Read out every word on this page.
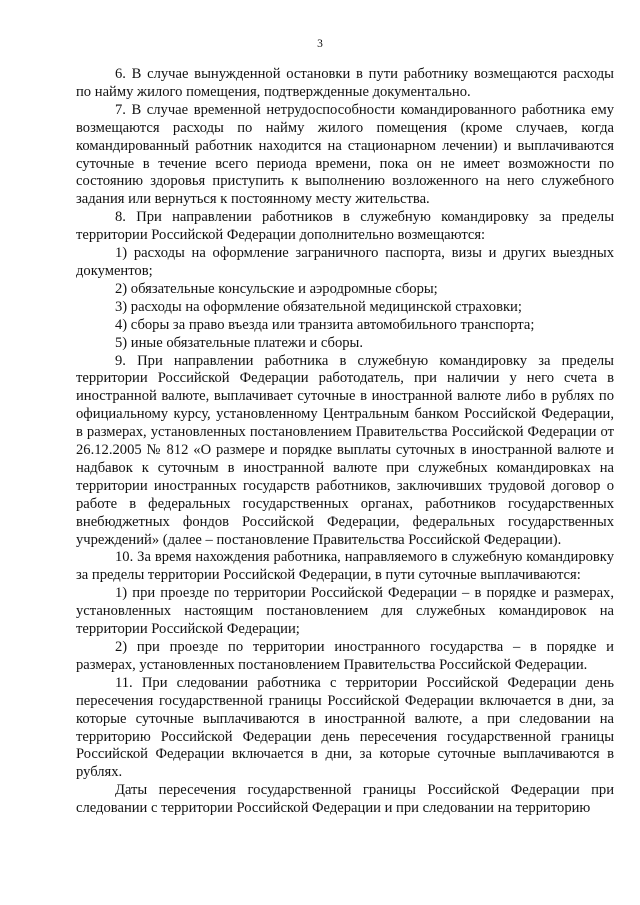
3

6. В случае вынужденной остановки в пути работнику возмещаются расходы по найму жилого помещения, подтвержденные документально.

7. В случае временной нетрудоспособности командированного работника ему возмещаются расходы по найму жилого помещения (кроме случаев, когда командированный работник находится на стационарном лечении) и выплачиваются суточные в течение всего периода времени, пока он не имеет возможности по состоянию здоровья приступить к выполнению возложенного на него служебного задания или вернуться к постоянному месту жительства.

8. При направлении работников в служебную командировку за пределы территории Российской Федерации дополнительно возмещаются:

1) расходы на оформление заграничного паспорта, визы и других выездных документов;

2) обязательные консульские и аэродромные сборы;

3) расходы на оформление обязательной медицинской страховки;

4) сборы за право въезда или транзита автомобильного транспорта;

5) иные обязательные платежи и сборы.

9. При направлении работника в служебную командировку за пределы территории Российской Федерации работодатель, при наличии у него счета в иностранной валюте, выплачивает суточные в иностранной валюте либо в рублях по официальному курсу, установленному Центральным банком Российской Федерации, в размерах, установленных постановлением Правительства Российской Федерации от 26.12.2005 № 812 «О размере и порядке выплаты суточных в иностранной валюте и надбавок к суточным в иностранной валюте при служебных командировках на территории иностранных государств работников, заключивших трудовой договор о работе в федеральных государственных органах, работников государственных внебюджетных фондов Российской Федерации, федеральных государственных учреждений» (далее – постановление Правительства Российской Федерации).

10. За время нахождения работника, направляемого в служебную командировку за пределы территории Российской Федерации, в пути суточные выплачиваются:

1) при проезде по территории Российской Федерации – в порядке и размерах, установленных настоящим постановлением для служебных командировок на территории Российской Федерации;

2) при проезде по территории иностранного государства – в порядке и размерах, установленных постановлением Правительства Российской Федерации.

11. При следовании работника с территории Российской Федерации день пересечения государственной границы Российской Федерации включается в дни, за которые суточные выплачиваются в иностранной валюте, а при следовании на территорию Российской Федерации день пересечения государственной границы Российской Федерации включается в дни, за которые суточные выплачиваются в рублях.

Даты пересечения государственной границы Российской Федерации при следовании с территории Российской Федерации и при следовании на территорию
